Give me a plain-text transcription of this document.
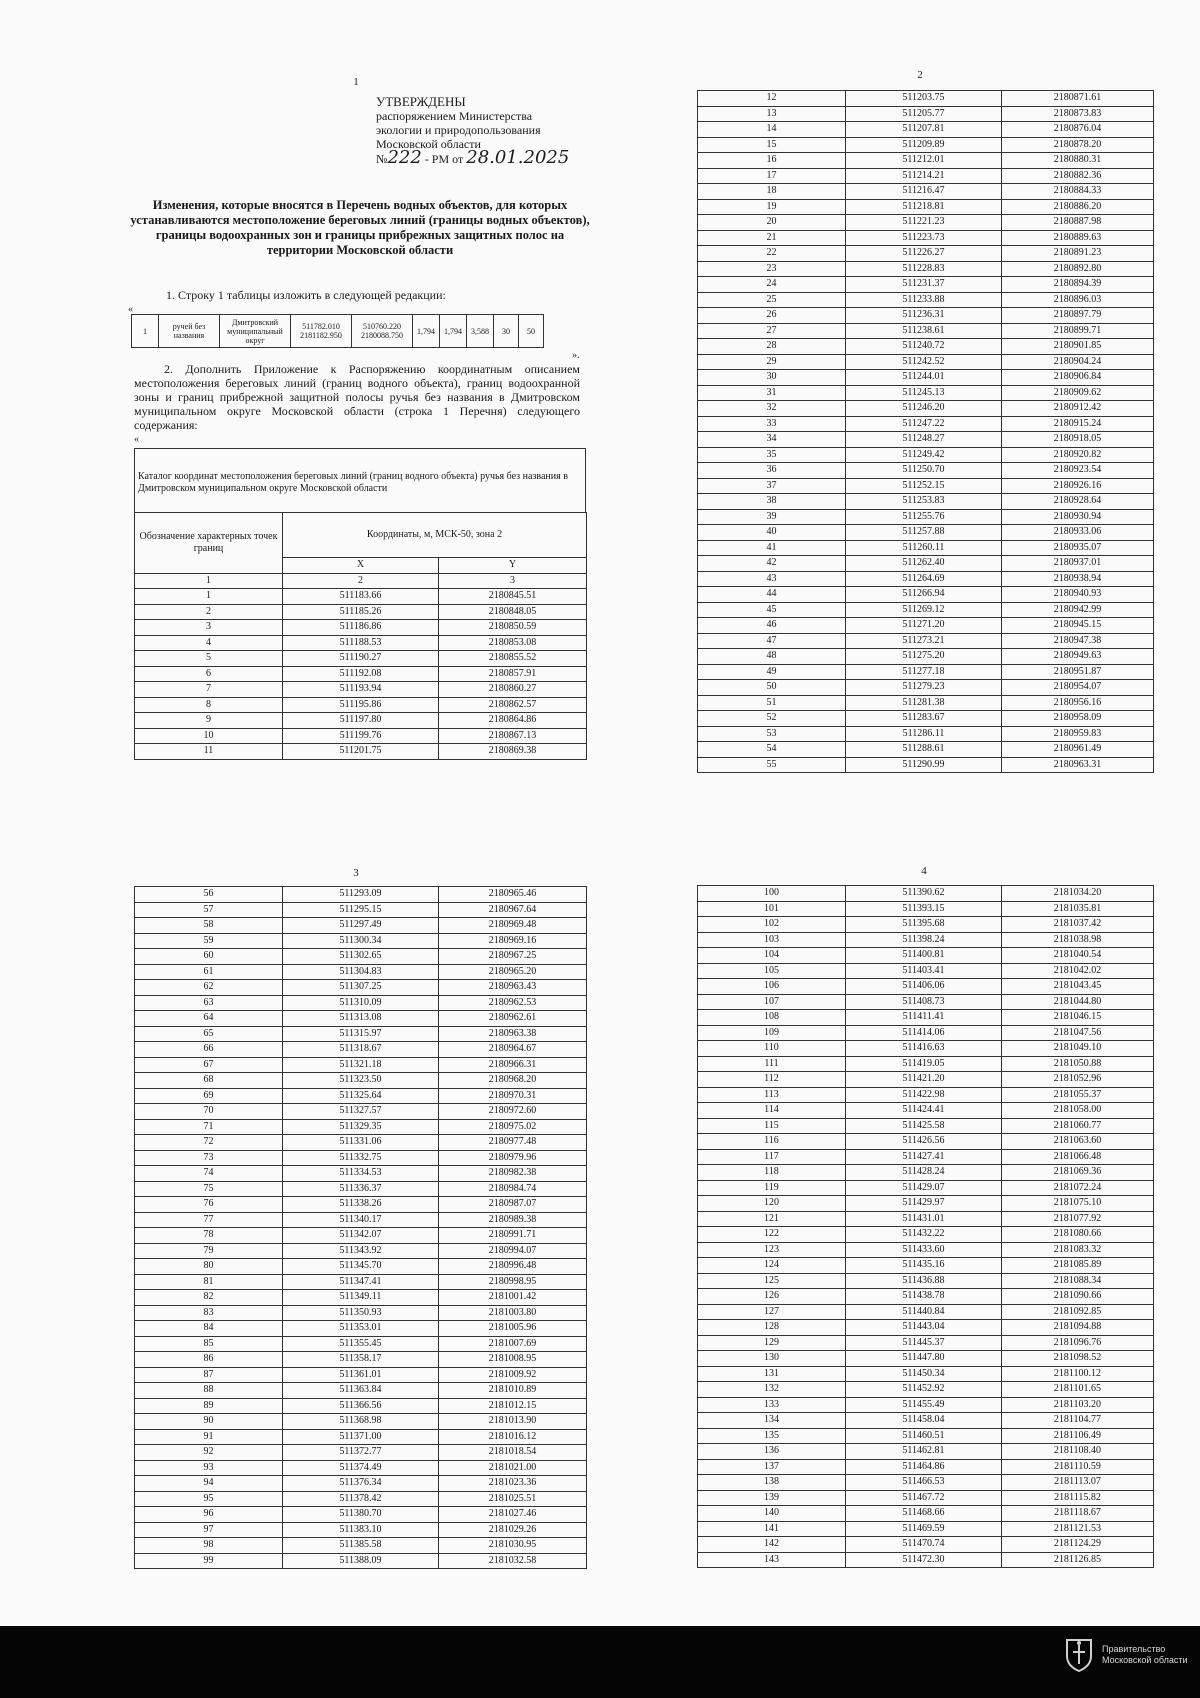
1
2
3	4
УТВЕРЖДЕНЫ
распоряжением Министерства
экологии и природопользования
Московской области
№222 - РМ от 28.01.2025
Изменения, которые вносятся в Перечень водных объектов, для которых устанавливаются местоположение береговых линий (границы водных объектов), границы водоохранных зон и границы прибрежных защитных полос на территории Московской области
1. Строку 1 таблицы изложить в следующей редакции:
«
1	ручей без названия	Дмитровский муниципальный округ	511782.010 2181182.950	510760.220 2180088.750	1,794	1,794	3,588	30	50
».
2. Дополнить Приложение к Распоряжению координатным описанием местоположения береговых линий (границ водного объекта), границ водоохранной зоны и границ прибрежной защитной полосы ручья без названия в Дмитровском муниципальном округе Московской области (строка 1 Перечня) следующего содержания:
«
Каталог координат местоположения береговых линий (границ водного объекта) ручья без названия в Дмитровском муниципальном округе Московской области
Обозначение характерных точек границ	Координаты, м, МСК-50, зона 2	
	X	Y
1	2	3
1	511183.66	2180845.51
2	511185.26	2180848.05
3	511186.86	2180850.59
4	511188.53	2180853.08
5	511190.27	2180855.52
6	511192.08	2180857.91
7	511193.94	2180860.27
8	511195.86	2180862.57
9	511197.80	2180864.86
10	511199.76	2180867.13
11	511201.75	2180869.38
12	511203.75	2180871.61
13	511205.77	2180873.83
14	511207.81	2180876.04
15	511209.89	2180878.20
16	511212.01	2180880.31
17	511214.21	2180882.36
18	511216.47	2180884.33
19	511218.81	2180886.20
20	511221.23	2180887.98
21	511223.73	2180889.63
22	511226.27	2180891.23
23	511228.83	2180892.80
24	511231.37	2180894.39
25	511233.88	2180896.03
26	511236.31	2180897.79
27	511238.61	2180899.71
28	511240.72	2180901.85
29	511242.52	2180904.24
30	511244.01	2180906.84
31	511245.13	2180909.62
32	511246.20	2180912.42
33	511247.22	2180915.24
34	511248.27	2180918.05
35	511249.42	2180920.82
36	511250.70	2180923.54
37	511252.15	2180926.16
38	511253.83	2180928.64
39	511255.76	2180930.94
40	511257.88	2180933.06
41	511260.11	2180935.07
42	511262.40	2180937.01
43	511264.69	2180938.94
44	511266.94	2180940.93
45	511269.12	2180942.99
46	511271.20	2180945.15
47	511273.21	2180947.38
48	511275.20	2180949.63
49	511277.18	2180951.87
50	511279.23	2180954.07
51	511281.38	2180956.16
52	511283.67	2180958.09
53	511286.11	2180959.83
54	511288.61	2180961.49
55	511290.99	2180963.31
56	511293.09	2180965.46
57	511295.15	2180967.64
58	511297.49	2180969.48
59	511300.34	2180969.16
60	511302.65	2180967.25
61	511304.83	2180965.20
62	511307.25	2180963.43
63	511310.09	2180962.53
64	511313.08	2180962.61
65	511315.97	2180963.38
66	511318.67	2180964.67
67	511321.18	2180966.31
68	511323.50	2180968.20
69	511325.64	2180970.31
70	511327.57	2180972.60
71	511329.35	2180975.02
72	511331.06	2180977.48
73	511332.75	2180979.96
74	511334.53	2180982.38
75	511336.37	2180984.74
76	511338.26	2180987.07
77	511340.17	2180989.38
78	511342.07	2180991.71
79	511343.92	2180994.07
80	511345.70	2180996.48
81	511347.41	2180998.95
82	511349.11	2181001.42
83	511350.93	2181003.80
84	511353.01	2181005.96
85	511355.45	2181007.69
86	511358.17	2181008.95
87	511361.01	2181009.92
88	511363.84	2181010.89
89	511366.56	2181012.15
90	511368.98	2181013.90
91	511371.00	2181016.12
92	511372.77	2181018.54
93	511374.49	2181021.00
94	511376.34	2181023.36
95	511378.42	2181025.51
96	511380.70	2181027.46
97	511383.10	2181029.26
98	511385.58	2181030.95
99	511388.09	2181032.58
100	511390.62	2181034.20
101	511393.15	2181035.81
102	511395.68	2181037.42
103	511398.24	2181038.98
104	511400.81	2181040.54
105	511403.41	2181042.02
106	511406.06	2181043.45
107	511408.73	2181044.80
108	511411.41	2181046.15
109	511414.06	2181047.56
110	511416.63	2181049.10
111	511419.05	2181050.88
112	511421.20	2181052.96
113	511422.98	2181055.37
114	511424.41	2181058.00
115	511425.58	2181060.77
116	511426.56	2181063.60
117	511427.41	2181066.48
118	511428.24	2181069.36
119	511429.07	2181072.24
120	511429.97	2181075.10
121	511431.01	2181077.92
122	511432.22	2181080.66
123	511433.60	2181083.32
124	511435.16	2181085.89
125	511436.88	2181088.34
126	511438.78	2181090.66
127	511440.84	2181092.85
128	511443.04	2181094.88
129	511445.37	2181096.76
130	511447.80	2181098.52
131	511450.34	2181100.12
132	511452.92	2181101.65
133	511455.49	2181103.20
134	511458.04	2181104.77
135	511460.51	2181106.49
136	511462.81	2181108.40
137	511464.86	2181110.59
138	511466.53	2181113.07
139	511467.72	2181115.82
140	511468.66	2181118.67
141	511469.59	2181121.53
142	511470.74	2181124.29
143	511472.30	2181126.85
Правительство
Московской области
